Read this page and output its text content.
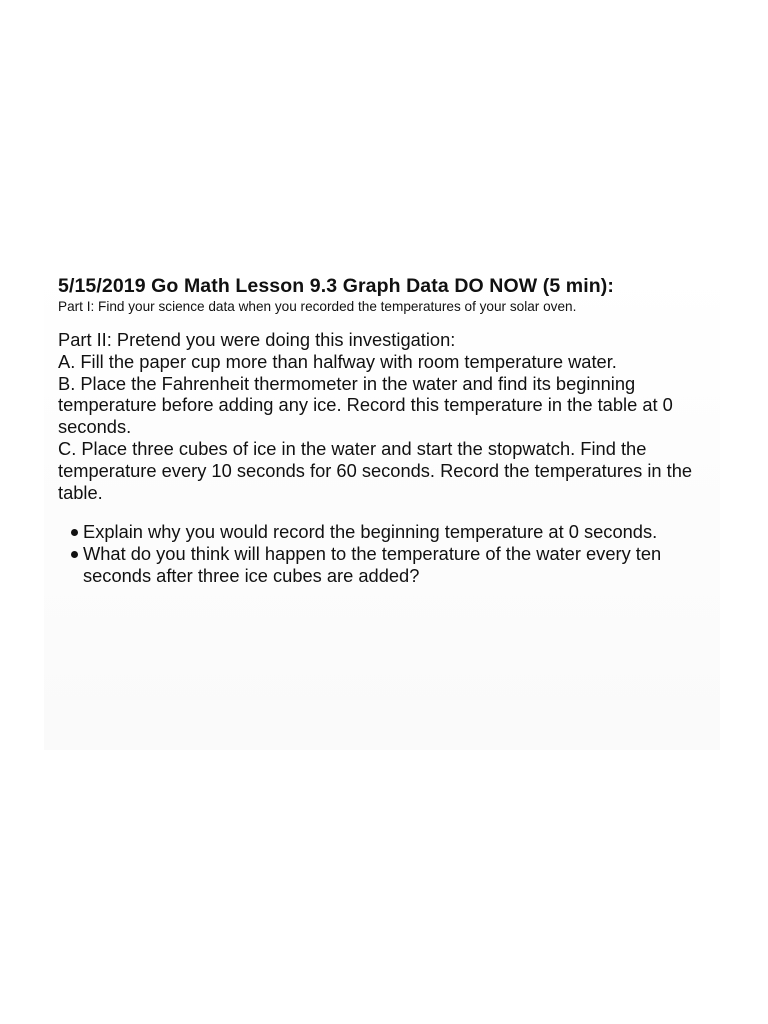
5/15/2019 Go Math Lesson 9.3 Graph Data DO NOW (5 min):

Part I: Find your science data when you recorded the temperatures of your solar oven.

Part II: Pretend you were doing this investigation:

A. Fill the paper cup more than halfway with room temperature water.

B. Place the Fahrenheit thermometer in the water and find its beginning temperature before adding any ice. Record this temperature in the table at 0 seconds.

C. Place three cubes of ice in the water and start the stopwatch. Find the temperature every 10 seconds for 60 seconds. Record the temperatures in the table.

Explain why you would record the beginning temperature at 0 seconds.
What do you think will happen to the temperature of the water every ten seconds after three ice cubes are added?
